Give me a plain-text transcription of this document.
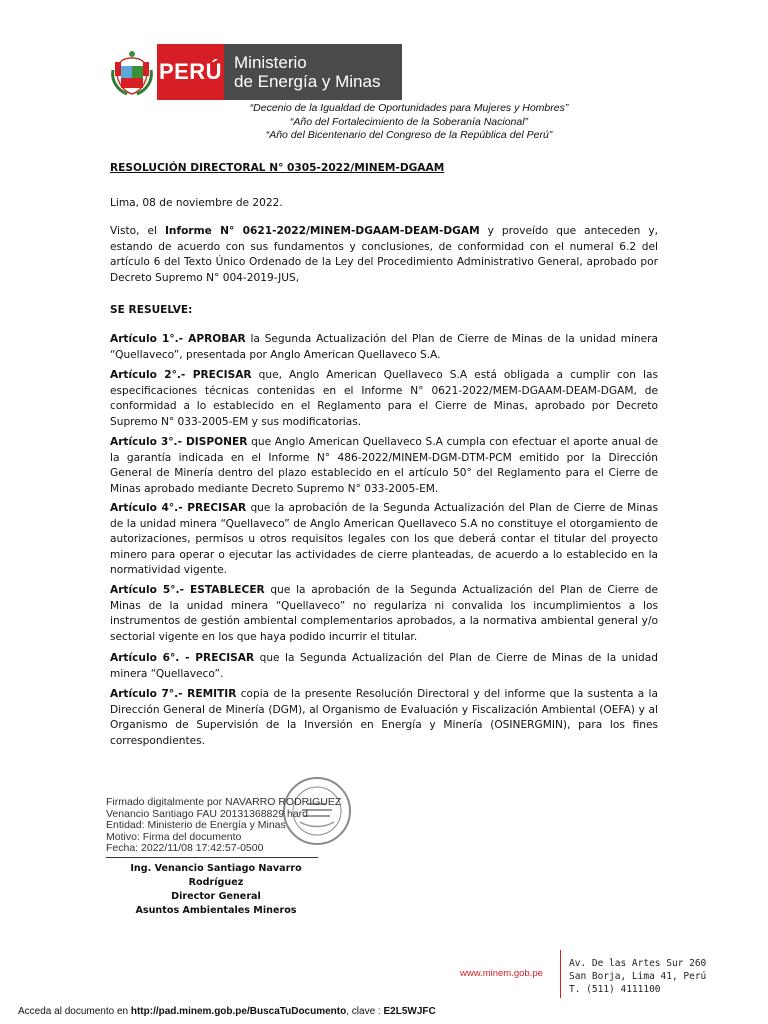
PERÚ Ministerio
de Energía y Minas
“Decenio de la Igualdad de Oportunidades para Mujeres y Hombres”
“Año del Fortalecimiento de la Soberanía Nacional”
“Año del Bicentenario del Congreso de la República del Perú”
RESOLUCIÓN DIRECTORAL N° 0305-2022/MINEM-DGAAM
Lima, 08 de noviembre de 2022.
Visto, el Informe N° 0621-2022/MINEM-DGAAM-DEAM-DGAM y proveído que anteceden y, estando de acuerdo con sus fundamentos y conclusiones, de conformidad con el numeral 6.2 del artículo 6 del Texto Único Ordenado de la Ley del Procedimiento Administrativo General, aprobado por Decreto Supremo N° 004-2019-JUS,
SE RESUELVE:
Artículo 1°.- APROBAR la Segunda Actualización del Plan de Cierre de Minas de la unidad minera “Quellaveco”, presentada por Anglo American Quellaveco S.A.
Artículo 2°.- PRECISAR que, Anglo American Quellaveco S.A está obligada a cumplir con las especificaciones técnicas contenidas en el Informe N° 0621-2022/MEM-DGAAM-DEAM-DGAM, de conformidad a lo establecido en el Reglamento para el Cierre de Minas, aprobado por Decreto Supremo N° 033-2005-EM y sus modificatorias.
Artículo 3°.- DISPONER que Anglo American Quellaveco S.A cumpla con efectuar el aporte anual de la garantía indicada en el Informe N° 486-2022/MINEM-DGM-DTM-PCM emitido por la Dirección General de Minería dentro del plazo establecido en el artículo 50° del Reglamento para el Cierre de Minas aprobado mediante Decreto Supremo N° 033-2005-EM.
Artículo 4°.- PRECISAR que la aprobación de la Segunda Actualización del Plan de Cierre de Minas de la unidad minera “Quellaveco” de Anglo American Quellaveco S.A no constituye el otorgamiento de autorizaciones, permisos u otros requisitos legales con los que deberá contar el titular del proyecto minero para operar o ejecutar las actividades de cierre planteadas, de acuerdo a lo establecido en la normatividad vigente.
Artículo 5°.- ESTABLECER que la aprobación de la Segunda Actualización del Plan de Cierre de Minas de la unidad minera “Quellaveco” no regulariza ni convalida los incumplimientos a los instrumentos de gestión ambiental complementarios aprobados, a la normativa ambiental general y/o sectorial vigente en los que haya podido incurrir el titular.
Artículo 6°. - PRECISAR que la Segunda Actualización del Plan de Cierre de Minas de la unidad minera “Quellaveco”.
Artículo 7°.- REMITIR copia de la presente Resolución Directoral y del informe que la sustenta a la Dirección General de Minería (DGM), al Organismo de Evaluación y Fiscalización Ambiental (OEFA) y al Organismo de Supervisión de la Inversión en Energía y Minería (OSINERGMIN), para los fines correspondientes.
Firmado digitalmente por NAVARRO RODRIGUEZ
Venancio Santiago FAU 20131368829 hard
Entidad: Ministerio de Energía y Minas
Motivo: Firma del documento
Fecha: 2022/11/08 17:42:57-0500
Ing. Venancio Santiago Navarro Rodríguez
Director General
Asuntos Ambientales Mineros
www.minem.gob.pe
Av. De las Artes Sur 260
San Borja, Lima 41, Perú
T. (511) 4111100
Acceda al documento en http://pad.minem.gob.pe/BuscaTuDocumento, clave : E2L5WJFC
